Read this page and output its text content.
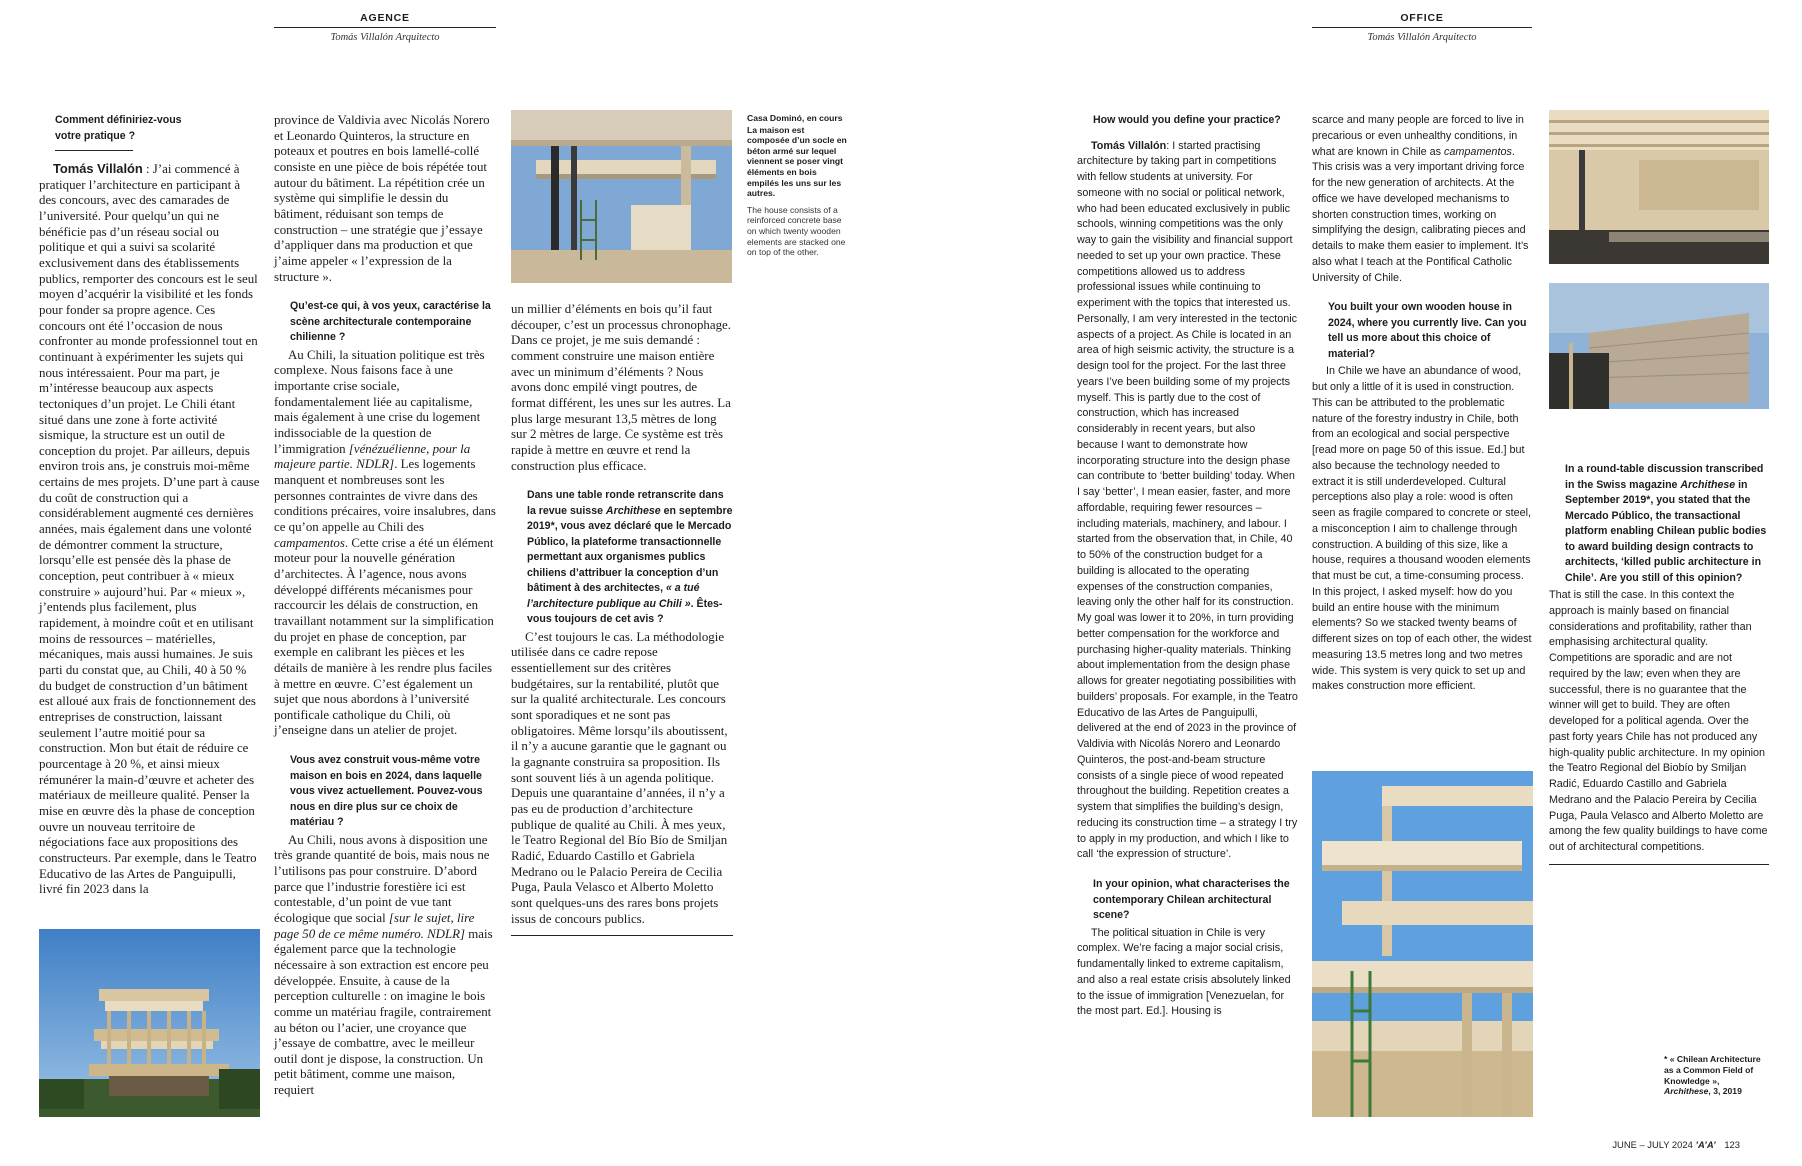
AGENCE
Tomás Villalón Arquitecto
OFFICE
Tomás Villalón Arquitecto

Comment définiriez-vous votre pratique ?

Tomás Villalón : J’ai commencé à pratiquer l’architecture en participant à des concours, avec des camarades de l’université. Pour quelqu’un qui ne bénéficie pas d’un réseau social ou politique et qui a suivi sa scolarité exclusivement dans des établissements publics, remporter des concours est le seul moyen d’acquérir la visibilité et les fonds pour fonder sa propre agence. Ces concours ont été l’occasion de nous confronter au monde professionnel tout en continuant à expérimenter les sujets qui nous intéressaient. Pour ma part, je m’intéresse beaucoup aux aspects tectoniques d’un projet. Le Chili étant situé dans une zone à forte activité sismique, la structure est un outil de conception du projet. Par ailleurs, depuis environ trois ans, je construis moi-même certains de mes projets. D’une part à cause du coût de construction qui a considérablement augmenté ces dernières années, mais également dans une volonté de démontrer comment la structure, lorsqu’elle est pensée dès la phase de conception, peut contribuer à « mieux construire » aujourd’hui. Par « mieux », j’entends plus facilement, plus rapidement, à moindre coût et en utilisant moins de ressources – matérielles, mécaniques, mais aussi humaines. Je suis parti du constat que, au Chili, 40 à 50 % du budget de construction d’un bâtiment est alloué aux frais de fonctionnement des entreprises de construction, laissant seulement l’autre moitié pour sa construction. Mon but était de réduire ce pourcentage à 20 %, et ainsi mieux rémunérer la main-d’œuvre et acheter des matériaux de meilleure qualité. Penser la mise en œuvre dès la phase de conception ouvre un nouveau territoire de négociations face aux propositions des constructeurs. Par exemple, dans le Teatro Educativo de las Artes de Panguipulli, livré fin 2023 dans la

province de Valdivia avec Nicolás Norero et Leonardo Quinteros, la structure en poteaux et poutres en bois lamellé-collé consiste en une pièce de bois répétée tout autour du bâtiment. La répétition crée un système qui simplifie le dessin du bâtiment, réduisant son temps de construction – une stratégie que j’essaye d’appliquer dans ma production et que j’aime appeler « l’expression de la structure ».

Qu’est-ce qui, à vos yeux, caractérise la scène architecturale contemporaine chilienne ?

Au Chili, la situation politique est très complexe. Nous faisons face à une importante crise sociale, fondamentalement liée au capitalisme, mais également à une crise du logement indissociable de la question de l’immigration [vénézuélienne, pour la majeure partie. NDLR]. Les logements manquent et nombreuses sont les personnes contraintes de vivre dans des conditions précaires, voire insalubres, dans ce qu’on appelle au Chili des campamentos. Cette crise a été un élément moteur pour la nouvelle génération d’architectes. À l’agence, nous avons développé différents mécanismes pour raccourcir les délais de construction, en travaillant notamment sur la simplification du projet en phase de conception, par exemple en calibrant les pièces et les détails de manière à les rendre plus faciles à mettre en œuvre. C’est également un sujet que nous abordons à l’université pontificale catholique du Chili, où j’enseigne dans un atelier de projet.

Vous avez construit vous-même votre maison en bois en 2024, dans laquelle vous vivez actuellement. Pouvez-vous nous en dire plus sur ce choix de matériau ?

Au Chili, nous avons à disposition une très grande quantité de bois, mais nous ne l’utilisons pas pour construire. D’abord parce que l’industrie forestière ici est contestable, d’un point de vue tant écologique que social [sur le sujet, lire page 50 de ce même numéro. NDLR] mais également parce que la technologie nécessaire à son extraction est encore peu développée. Ensuite, à cause de la perception culturelle : on imagine le bois comme un matériau fragile, contrairement au béton ou l’acier, une croyance que j’essaye de combattre, avec le meilleur outil dont je dispose, la construction. Un petit bâtiment, comme une maison, requiert

Casa Dominó, en cours
La maison est composée d’un socle en béton armé sur lequel viennent se poser vingt éléments en bois empilés les uns sur les autres.
The house consists of a reinforced concrete base on which twenty wooden elements are stacked one on top of the other.

un millier d’éléments en bois qu’il faut découper, c’est un processus chronophage. Dans ce projet, je me suis demandé : comment construire une maison entière avec un minimum d’éléments ? Nous avons donc empilé vingt poutres, de format différent, les unes sur les autres. La plus large mesurant 13,5 mètres de long sur 2 mètres de large. Ce système est très rapide à mettre en œuvre et rend la construction plus efficace.

Dans une table ronde retranscrite dans la revue suisse Archithese en septembre 2019*, vous avez déclaré que le Mercado Público, la plateforme transactionnelle permettant aux organismes publics chiliens d’attribuer la conception d’un bâtiment à des architectes, « a tué l’architecture publique au Chili ». Êtes-vous toujours de cet avis ?

C’est toujours le cas. La méthodologie utilisée dans ce cadre repose essentiellement sur des critères budgétaires, sur la rentabilité, plutôt que sur la qualité architecturale. Les concours sont sporadiques et ne sont pas obligatoires. Même lorsqu’ils aboutissent, il n’y a aucune garantie que le gagnant ou la gagnante construira sa proposition. Ils sont souvent liés à un agenda politique. Depuis une quarantaine d’années, il n’y a pas eu de production d’architecture publique de qualité au Chili. À mes yeux, le Teatro Regional del Bío Bío de Smiljan Radić, Eduardo Castillo et Gabriela Medrano ou le Palacio Pereira de Cecilia Puga, Paula Velasco et Alberto Moletto sont quelques-uns des rares bons projets issus de concours publics.

How would you define your practice?

Tomás Villalón: I started practising architecture by taking part in competitions with fellow students at university. For someone with no social or political network, who had been educated exclusively in public schools, winning competitions was the only way to gain the visibility and financial support needed to set up your own practice. These competitions allowed us to address professional issues while continuing to experiment with the topics that interested us. Personally, I am very interested in the tectonic aspects of a project. As Chile is located in an area of high seismic activity, the structure is a design tool for the project. For the last three years I’ve been building some of my projects myself. This is partly due to the cost of construction, which has increased considerably in recent years, but also because I want to demonstrate how incorporating structure into the design phase can contribute to ‘better building’ today. When I say ‘better’, I mean easier, faster, and more affordable, requiring fewer resources – including materials, machinery, and labour. I started from the observation that, in Chile, 40 to 50% of the construction budget for a building is allocated to the operating expenses of the construction companies, leaving only the other half for its construction. My goal was lower it to 20%, in turn providing better compensation for the workforce and purchasing higher-quality materials. Thinking about implementation from the design phase allows for greater negotiating possibilities with builders’ proposals. For example, in the Teatro Educativo de las Artes de Panguipulli, delivered at the end of 2023 in the province of Valdivia with Nicolás Norero and Leonardo Quinteros, the post-and-beam structure consists of a single piece of wood repeated throughout the building. Repetition creates a system that simplifies the building’s design, reducing its construction time – a strategy I try to apply in my production, and which I like to call ‘the expression of structure’.

In your opinion, what characterises the contemporary Chilean architectural scene?

The political situation in Chile is very complex. We’re facing a major social crisis, fundamentally linked to extreme capitalism, and also a real estate crisis absolutely linked to the issue of immigration [Venezuelan, for the most part. Ed.]. Housing is

scarce and many people are forced to live in precarious or even unhealthy conditions, in what are known in Chile as campamentos. This crisis was a very important driving force for the new generation of architects. At the office we have developed mechanisms to shorten construction times, working on simplifying the design, calibrating pieces and details to make them easier to implement. It’s also what I teach at the Pontifical Catholic University of Chile.

You built your own wooden house in 2024, where you currently live. Can you tell us more about this choice of material?

In Chile we have an abundance of wood, but only a little of it is used in construction. This can be attributed to the problematic nature of the forestry industry in Chile, both from an ecological and social perspective [read more on page 50 of this issue. Ed.] but also because the technology needed to extract it is still underdeveloped. Cultural perceptions also play a role: wood is often seen as fragile compared to concrete or steel, a misconception I aim to challenge through construction. A building of this size, like a house, requires a thousand wooden elements that must be cut, a time-consuming process. In this project, I asked myself: how do you build an entire house with the minimum elements? So we stacked twenty beams of different sizes on top of each other, the widest measuring 13.5 metres long and two metres wide. This system is very quick to set up and makes construction more efficient.

In a round-table discussion transcribed in the Swiss magazine Archithese in September 2019*, you stated that the Mercado Público, the transactional platform enabling Chilean public bodies to award building design contracts to architects, ‘killed public architecture in Chile’. Are you still of this opinion?

That is still the case. In this context the approach is mainly based on financial considerations and profitability, rather than emphasising architectural quality. Competitions are sporadic and are not required by the law; even when they are successful, there is no guarantee that the winner will get to build. They are often developed for a political agenda. Over the past forty years Chile has not produced any high-quality public architecture. In my opinion the Teatro Regional del Biobío by Smiljan Radić, Eduardo Castillo and Gabriela Medrano and the Palacio Pereira by Cecilia Puga, Paula Velasco and Alberto Moletto are among the few quality buildings to have come out of architectural competitions.

* « Chilean Architecture as a Common Field of Knowledge », Archithese, 3, 2019
JUNE – JULY 2024 ’A’A’ 123
